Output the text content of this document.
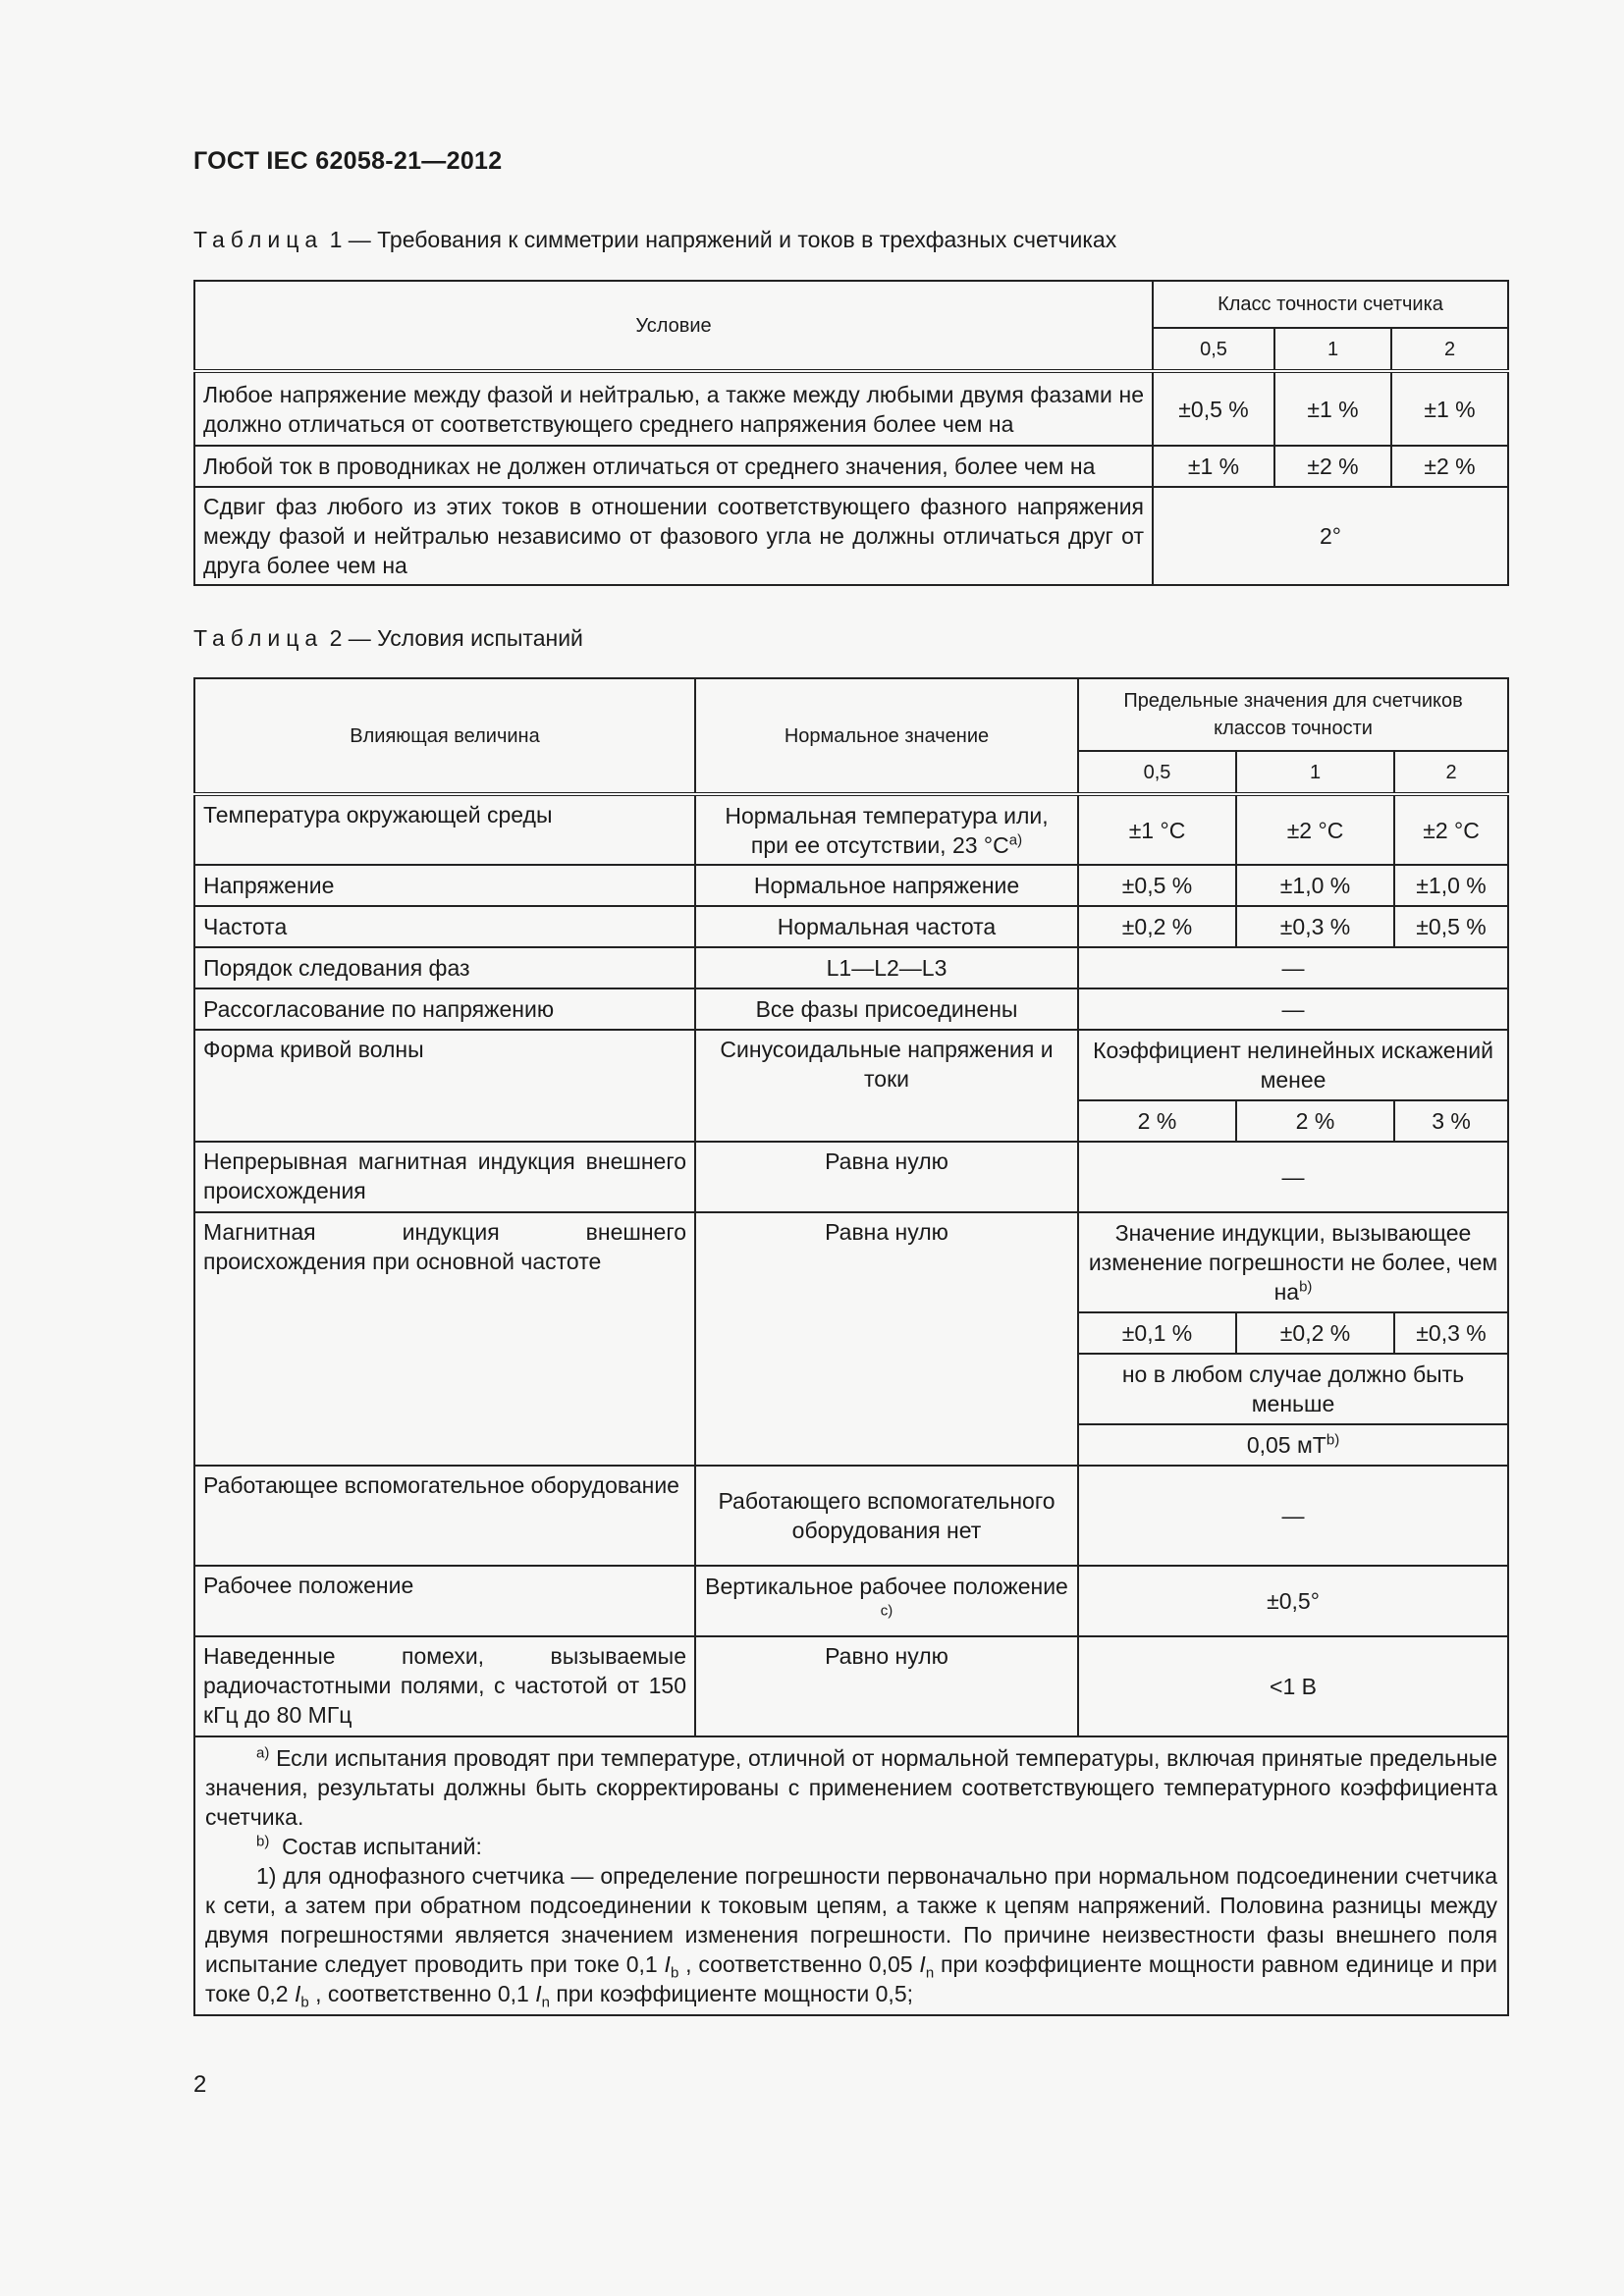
ГОСТ IEC 62058-21—2012
Таблица 1 — Требования к симметрии напряжений и токов в трехфазных счетчиках
Условие	Класс точности счетчика		
	0,5	1	2
Любое напряжение между фазой и нейтралью, а также между любыми двумя фазами не должно отличаться от соответствующего среднего напряжения более чем на	±0,5 %	±1 %	±1 %
Любой ток в проводниках не должен отличаться от среднего значения, более чем на	±1 %	±2 %	±2 %
Сдвиг фаз любого из этих токов в отношении соответствующего фазного напряжения между фазой и нейтралью независимо от фазового угла не должны отличаться друг от друга более чем на	2°		
Таблица 2 — Условия испытаний
Влияющая величина	Нормальное значение	Предельные значения для счетчиков классов точности		
		0,5	1	2
Температура окружающей среды	Нормальная температура или, при ее отсутствии, 23 $^\circ С^{a)}$	±1 °С	±2 °С	±2 °С
Напряжение	Нормальное напряжение	±0,5 %	±1,0 %	±1,0 %
Частота	Нормальная частота	±0,2 %	±0,3 %	±0,5 %
Порядок следования фаз	L1—L2—L3	—		
Рассогласование по напряжению	Все фазы присоединены	—		
Форма кривой волны	Синусоидальные напряжения и токи	Коэффициент нелинейных искажений менее		
		2 %	2 %	3 %
Непрерывная магнитная индукция внешнего происхождения	Равна нулю	—		
Магнитная индукция внешнего происхождения при основной частоте	Равна нулю	Значение индукции, вызывающее изменение погрешности не более, чем $на^{b)}$
		±0,1 %	±0,2 %	±0,3 %
		но в любом случае должно быть меньше		
		0,05 $мТ^{b)}$
Работающее вспомогательное оборудование	Работающего вспомогательного оборудования нет	—		
Рабочее положение	Вертикальное рабочее положение $^{c)}$	±0,5°		
Наведенные помехи, вызываемые радиочастотными полями, с частотой от 150 кГц до 80 МГц	Равно нулю	<1 В		

$^{a)}$ Если испытания проводят при температуре, отличной от нормальной температуры, включая принятые предельные значения, результаты должны быть скорректированы с применением соответствующего температурного коэффициента счетчика.

$^{b)}$ Состав испытаний:

1) для однофазного счетчика — определение погрешности первоначально при нормальном подсоединении счетчика к сети, а затем при обратном подсоединении к токовым цепям, а также к цепям напряжений. Половина разницы между двумя погрешностями является значением изменения погрешности. По причине неизвестности фазы внешнего поля испытание следует проводить при токе 0,1 $I_b$ , соответственно 0,05 $I_n$ при коэффициенте мощности равном единице и при токе 0,2 $I_b$ , соответственно 0,1 $I_n$ при коэффициенте мощности 0,5;				

2
